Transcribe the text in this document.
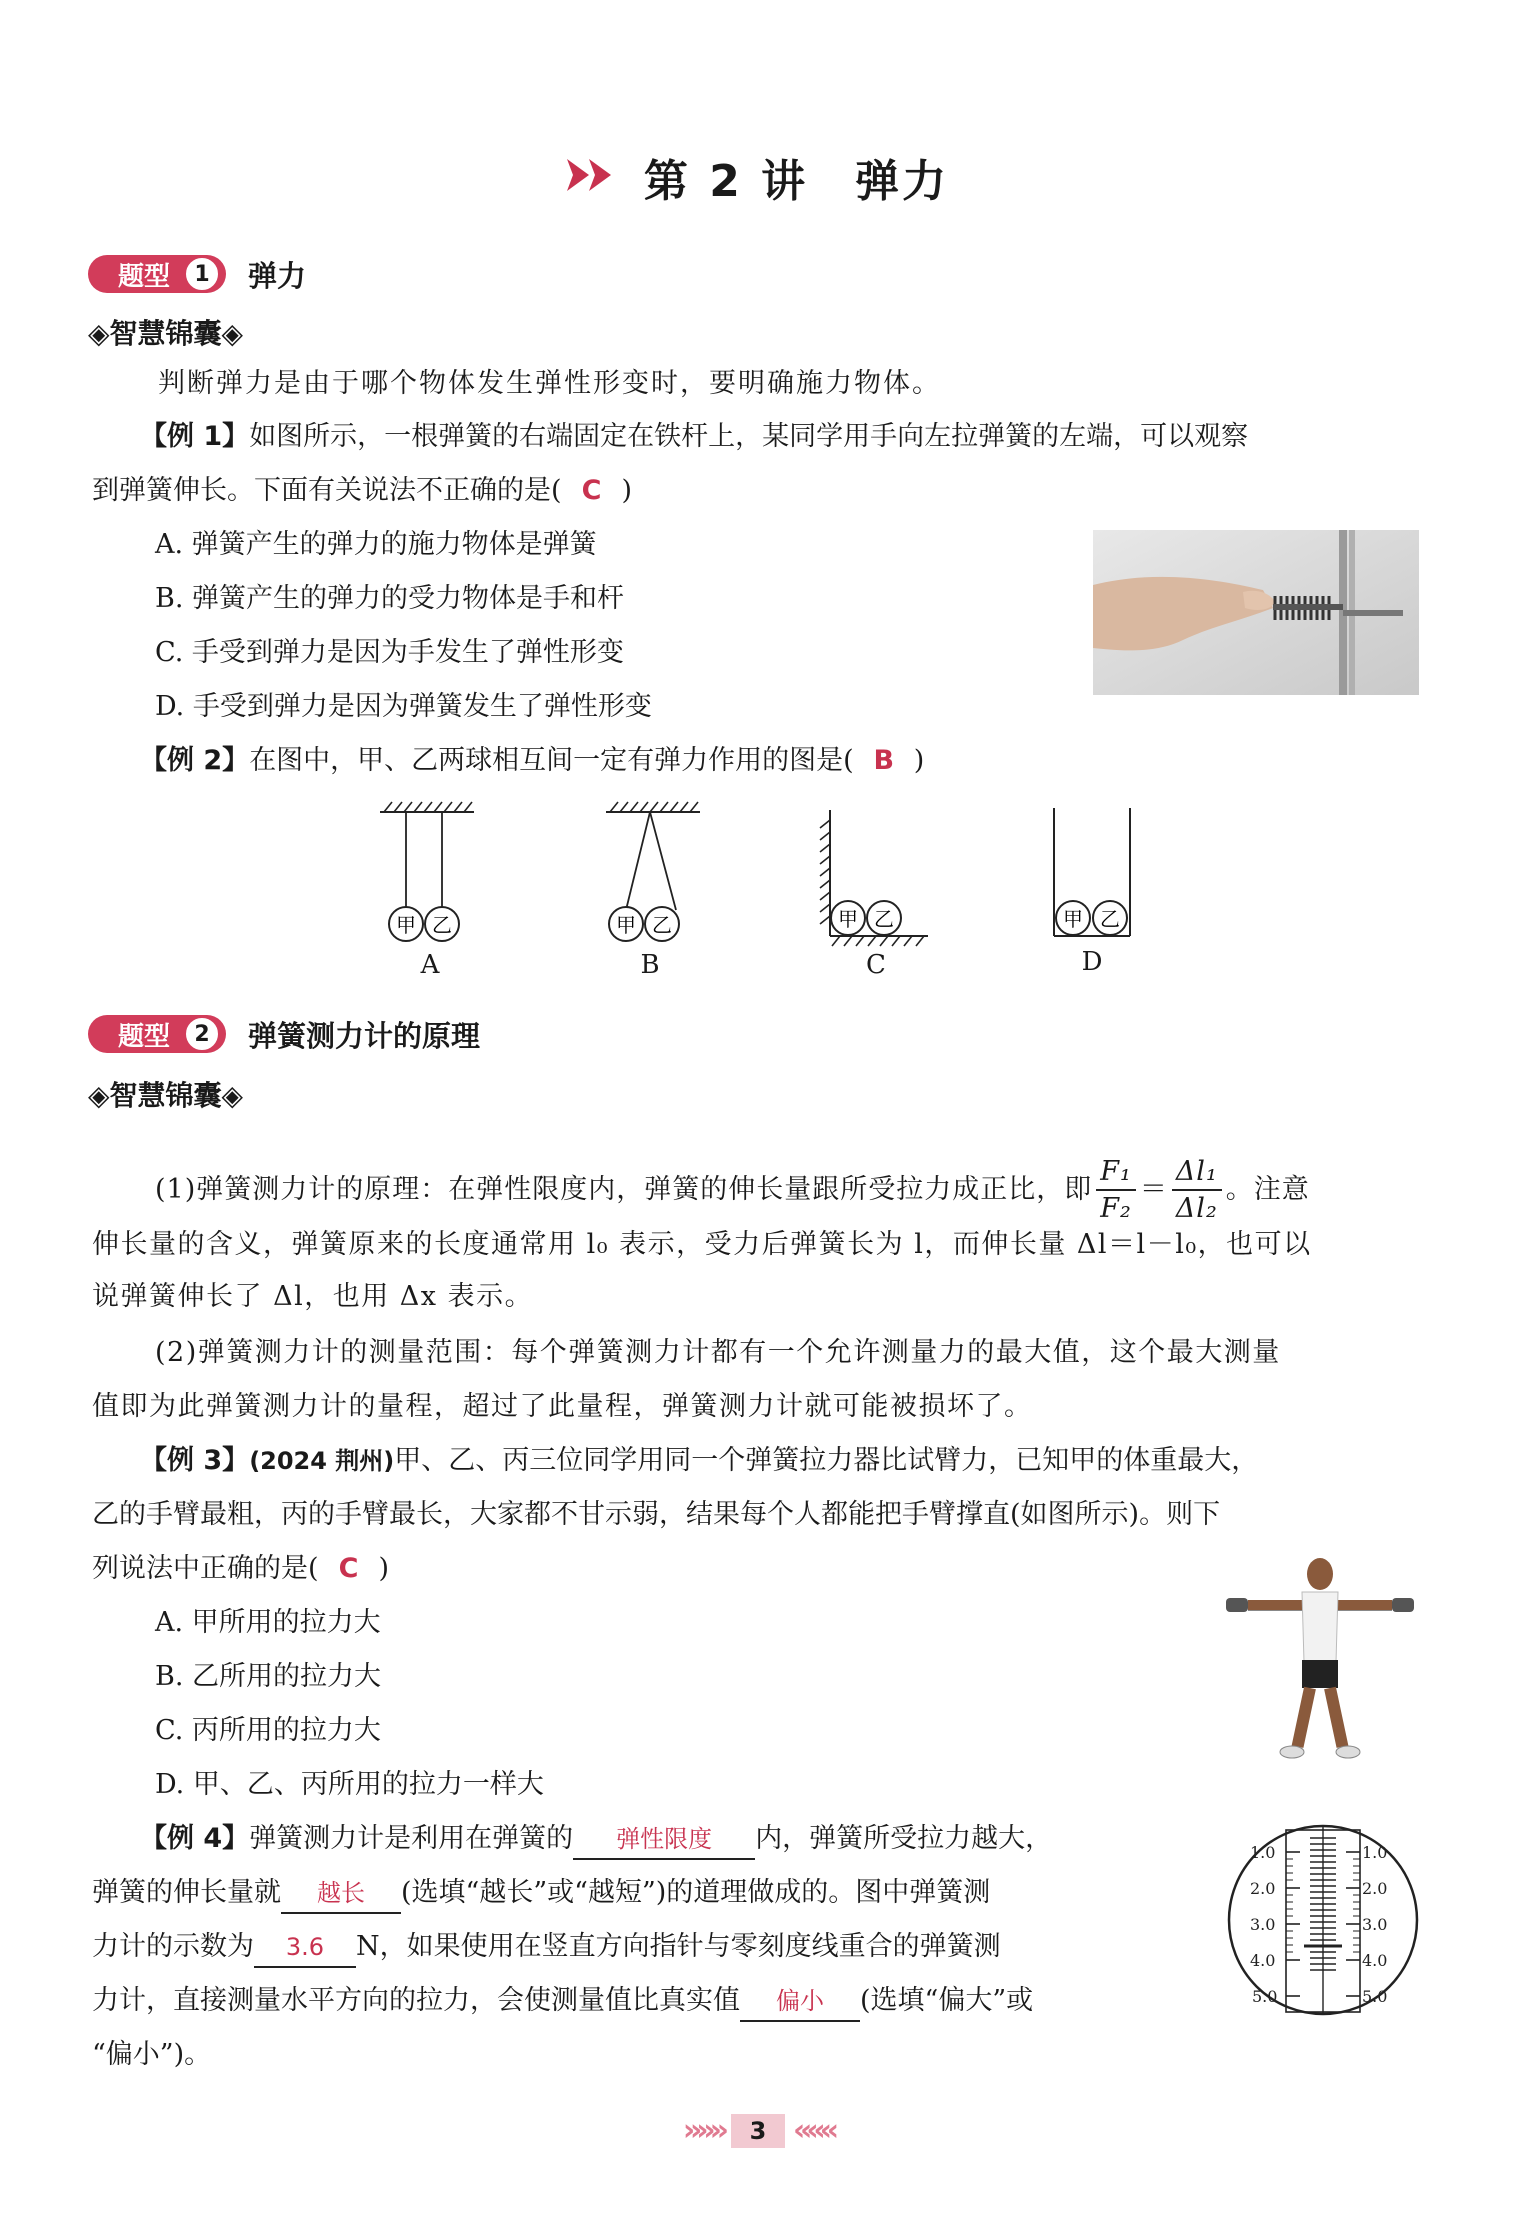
第 2 讲　弹力
题型	1	弹力
◈智慧锦囊◈
判断弹力是由于哪个物体发生弹性形变时，要明确施力物体。
【例 1】如图所示，一根弹簧的右端固定在铁杆上，某同学用手向左拉弹簧的左端，可以观察
到弹簧伸长。下面有关说法不正确的是( C )
A. 弹簧产生的弹力的施力物体是弹簧
B. 弹簧产生的弹力的受力物体是手和杆
C. 手受到弹力是因为手发生了弹性形变
D. 手受到弹力是因为弹簧发生了弹性形变
【例 2】在图中，甲、乙两球相互间一定有弹力作用的图是( B )
甲 乙
A
甲 乙
B
甲 乙
C
甲 乙
D
题型	2	弹簧测力计的原理
◈智慧锦囊◈
(1)弹簧测力计的原理：在弹性限度内，弹簧的伸长量跟所受拉力成正比，即 $\frac{\text{F₁}}{\text{F₂}} = \frac{\text{Δl₁}}{\text{Δl₂}}$ 。注意
伸长量的含义，弹簧原来的长度通常用 l₀ 表示，受力后弹簧长为 l，而伸长量 Δl＝l－l₀，也可以
说弹簧伸长了 Δl，也用 Δx 表示。
(2)弹簧测力计的测量范围：每个弹簧测力计都有一个允许测量力的最大值，这个最大测量
值即为此弹簧测力计的量程，超过了此量程，弹簧测力计就可能被损坏了。
【例 3】(2024 荆州)甲、乙、丙三位同学用同一个弹簧拉力器比试臂力，已知甲的体重最大，
乙的手臂最粗，丙的手臂最长，大家都不甘示弱，结果每个人都能把手臂撑直(如图所示)。则下
列说法中正确的是( C )
A. 甲所用的拉力大
B. 乙所用的拉力大
C. 丙所用的拉力大
D. 甲、乙、丙所用的拉力一样大
【例 4】弹簧测力计是利用在弹簧的 弹性限度 内，弹簧所受拉力越大，
弹簧的伸长量就 越长 (选填“越长”或“越短”)的道理做成的。图中弹簧测
力计的示数为 3.6 N，如果使用在竖直方向指针与零刻度线重合的弹簧测
力计，直接测量水平方向的拉力，会使测量值比真实值 偏小 (选填“偏大”或
“偏小”)。
1.0	1.0
2.0	2.0
3.0	3.0
4.0	4.0
5.0	5.0
»»»	3 «««
